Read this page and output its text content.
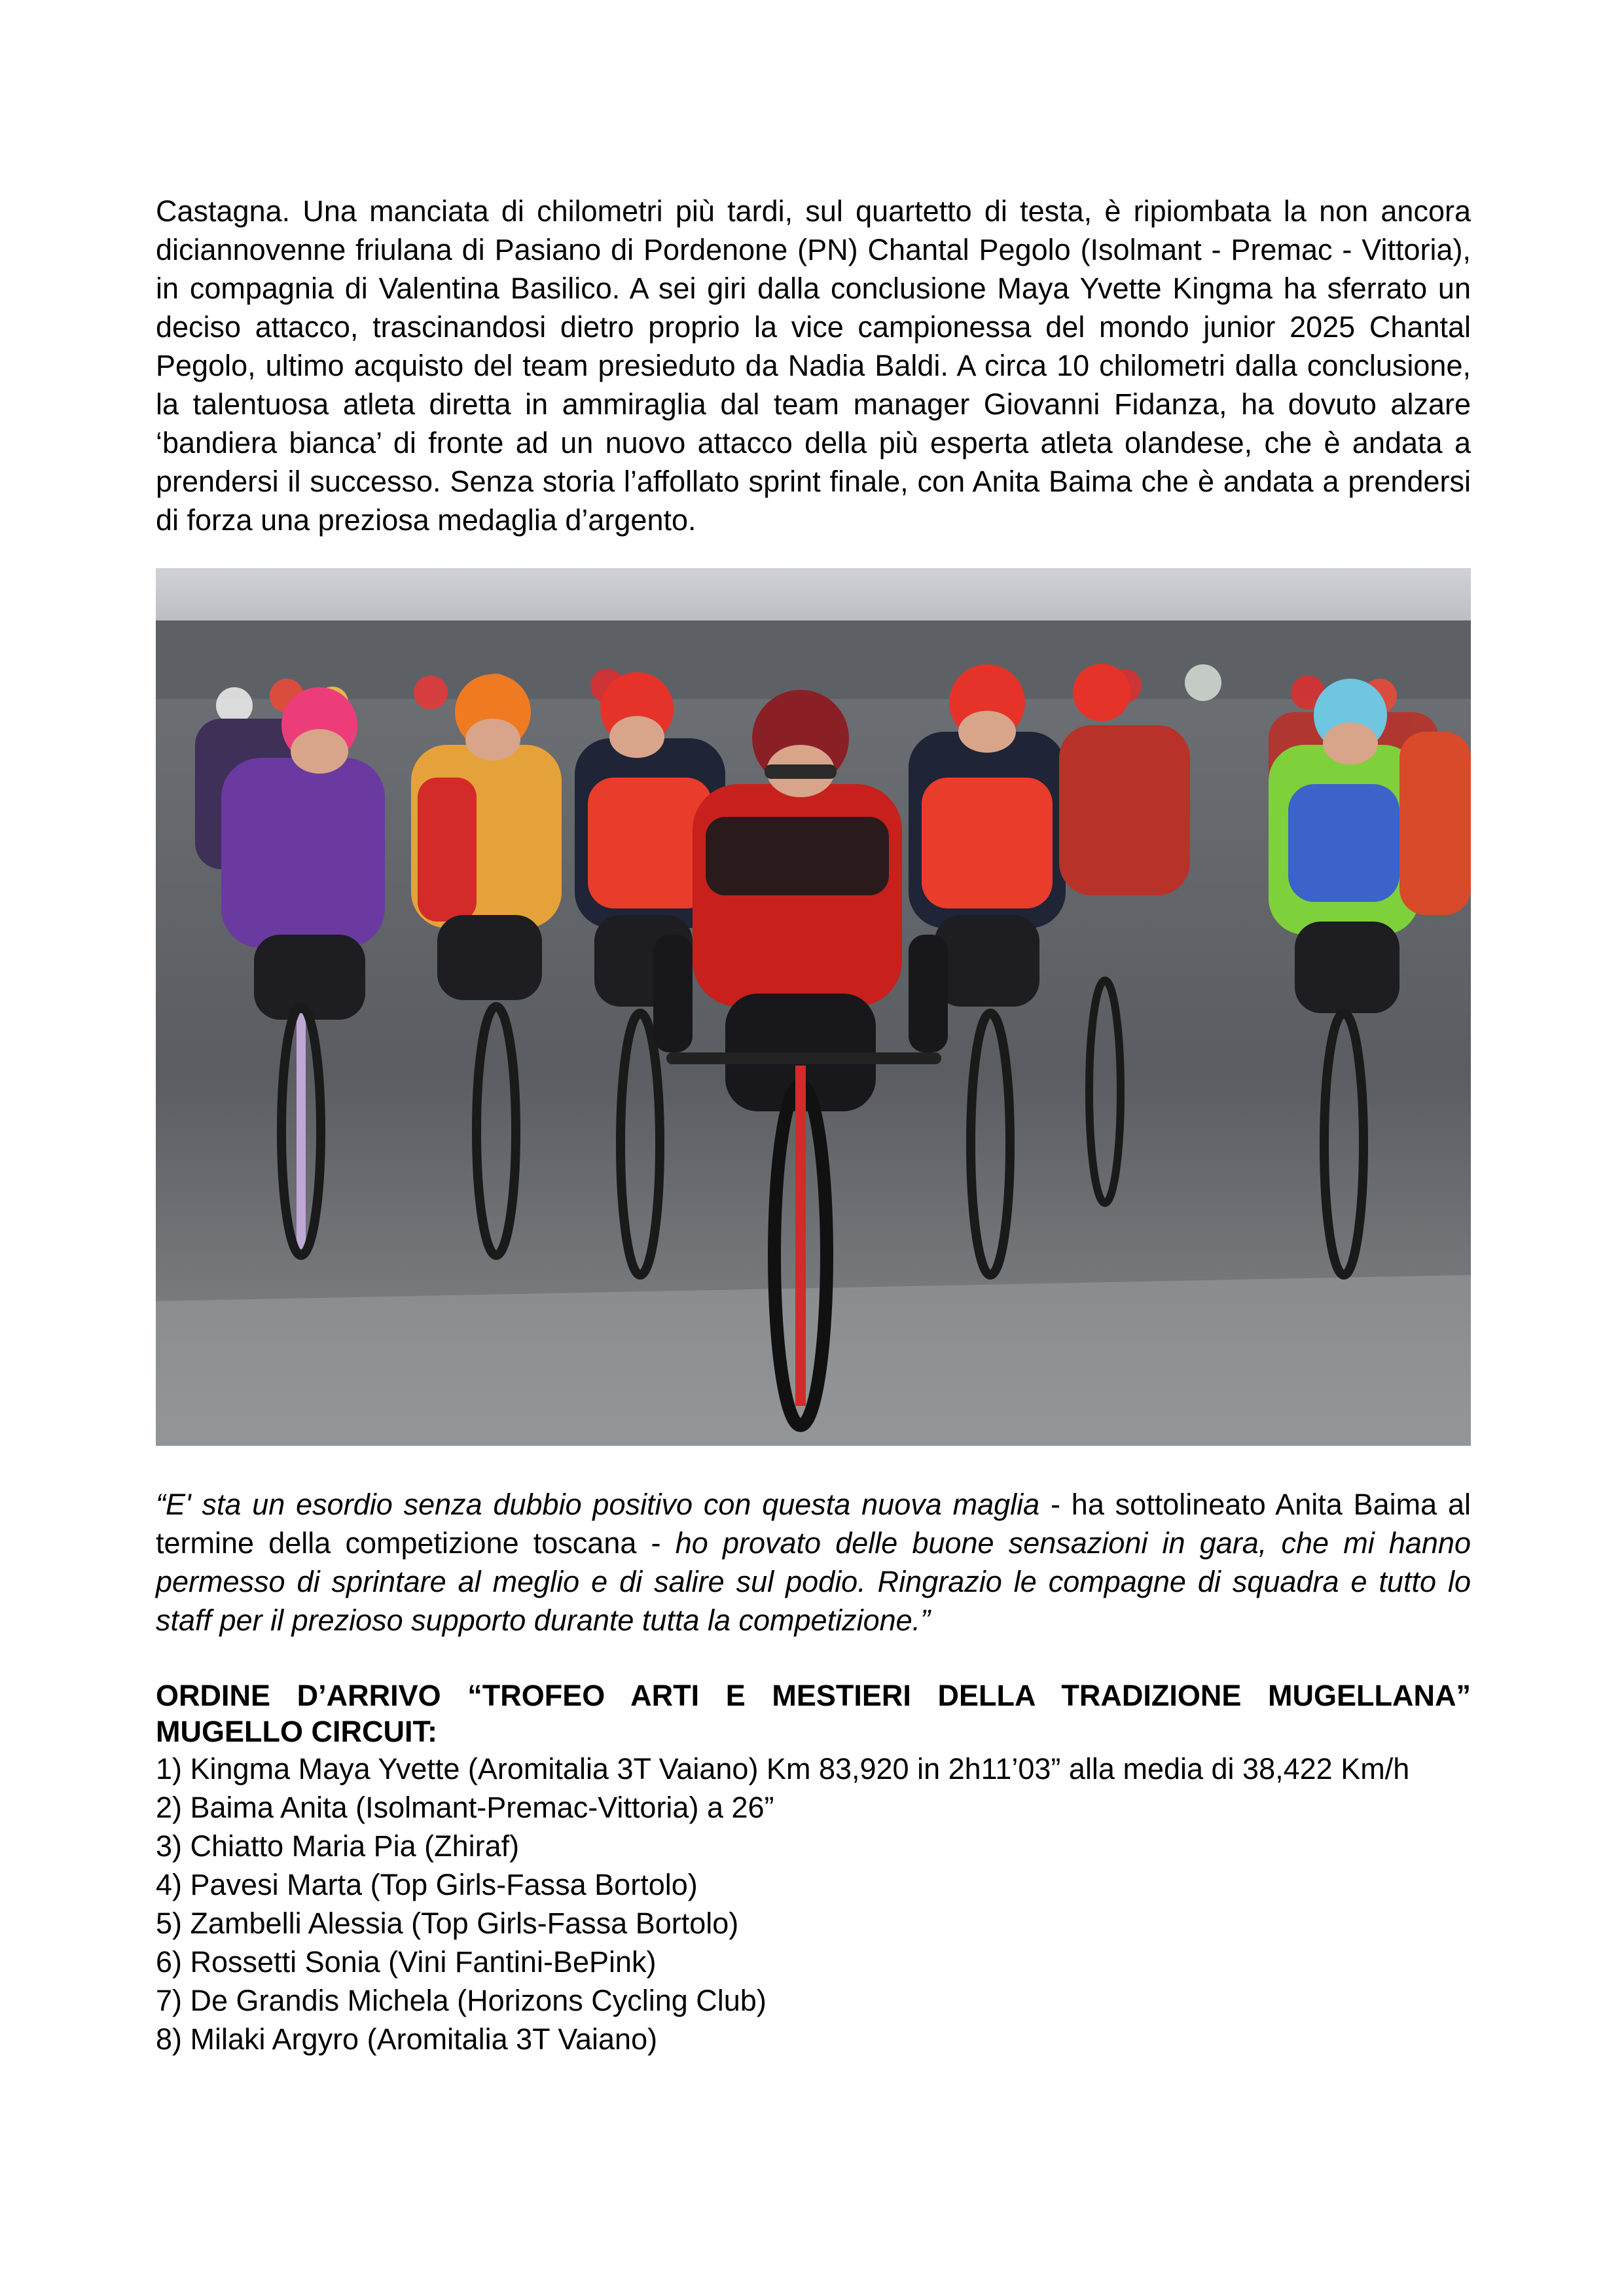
Castagna. Una manciata di chilometri più tardi, sul quartetto di testa, è ripiombata la non ancora diciannovenne friulana di Pasiano di Pordenone (PN) Chantal Pegolo (Isolmant - Premac - Vittoria), in compagnia di Valentina Basilico. A sei giri dalla conclusione Maya Yvette Kingma ha sferrato un deciso attacco, trascinandosi dietro proprio la vice campionessa del mondo junior 2025 Chantal Pegolo, ultimo acquisto del team presieduto da Nadia Baldi. A circa 10 chilometri dalla conclusione, la talentuosa atleta diretta in ammiraglia dal team manager Giovanni Fidanza, ha dovuto alzare ‘bandiera bianca’ di fronte ad un nuovo attacco della più esperta atleta olandese, che è andata a prendersi il successo. Senza storia l’affollato sprint finale, con Anita Baima che è andata a prendersi di forza una preziosa medaglia d’argento.

“E' sta un esordio senza dubbio positivo con questa nuova maglia - ha sottolineato Anita Baima al termine della competizione toscana - ho provato delle buone sensazioni in gara, che mi hanno permesso di sprintare al meglio e di salire sul podio. Ringrazio le compagne di squadra e tutto lo staff per il prezioso supporto durante tutta la competizione.”

ORDINE D’ARRIVO “TROFEO ARTI E MESTIERI DELLA TRADIZIONE MUGELLANA” MUGELLO CIRCUIT:

1) Kingma Maya Yvette (Aromitalia 3T Vaiano) Km 83,920 in 2h11’03” alla media di 38,422 Km/h
2) Baima Anita (Isolmant-Premac-Vittoria) a 26”
3) Chiatto Maria Pia (Zhiraf)
4) Pavesi Marta (Top Girls-Fassa Bortolo)
5) Zambelli Alessia (Top Girls-Fassa Bortolo)
6) Rossetti Sonia (Vini Fantini-BePink)
7) De Grandis Michela (Horizons Cycling Club)
8) Milaki Argyro (Aromitalia 3T Vaiano)
